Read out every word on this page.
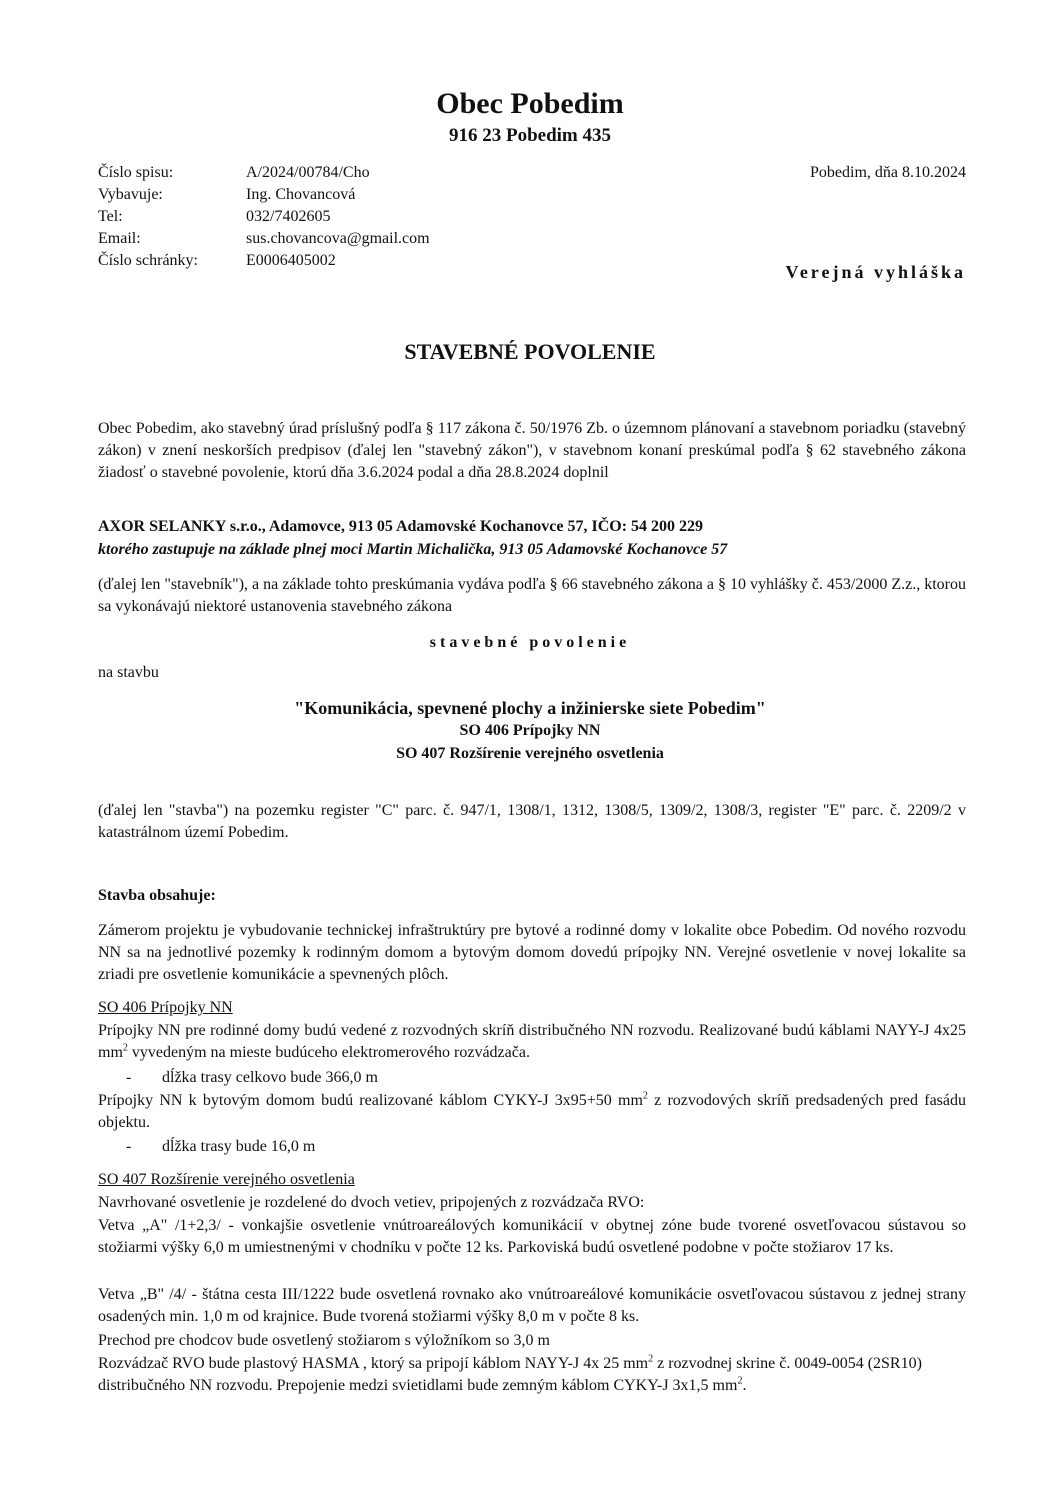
Obec Pobedim
916 23 Pobedim 435
Číslo spisu:
Vybavuje:
Tel:
Email:
Číslo schránky:
A/2024/00784/Cho
Ing. Chovancová
032/7402605
sus.chovancova@gmail.com
E0006405002
Pobedim, dňa 8.10.2024
Verejná vyhláška
STAVEBNÉ POVOLENIE
Obec Pobedim, ako stavebný úrad príslušný podľa § 117 zákona č. 50/1976 Zb. o územnom plánovaní a stavebnom poriadku (stavebný zákon) v znení neskorších predpisov (ďalej len "stavebný zákon"), v stavebnom konaní preskúmal podľa § 62 stavebného zákona žiadosť o stavebné povolenie, ktorú dňa 3.6.2024 podal a dňa 28.8.2024 doplnil
AXOR SELANKY s.r.o., Adamovce, 913 05 Adamovské Kochanovce 57, IČO: 54 200 229
ktorého zastupuje na základe plnej moci Martin Michalička, 913 05 Adamovské Kochanovce 57
(ďalej len "stavebník"), a na základe tohto preskúmania vydáva podľa § 66 stavebného zákona a § 10 vyhlášky č. 453/2000 Z.z., ktorou sa vykonávajú niektoré ustanovenia stavebného zákona
stavebné povolenie
na stavbu
"Komunikácia, spevnené plochy a inžinierske siete Pobedim"
SO 406 Prípojky NN
SO 407 Rozšírenie verejného osvetlenia
(ďalej len "stavba") na pozemku register "C" parc. č. 947/1, 1308/1, 1312, 1308/5, 1309/2, 1308/3, register "E" parc. č. 2209/2 v katastrálnom území Pobedim.
Stavba obsahuje:
Zámerom projektu je vybudovanie technickej infraštruktúry pre bytové a rodinné domy v lokalite obce Pobedim. Od nového rozvodu NN sa na jednotlivé pozemky k rodinným domom a bytovým domom dovedú prípojky NN. Verejné osvetlenie v novej lokalite sa zriadi pre osvetlenie komunikácie a spevnených plôch.
SO 406 Prípojky NN
Prípojky NN pre rodinné domy budú vedené z rozvodných skríň distribučného NN rozvodu. Realizované budú káblami NAYY-J 4x25 $mm^2$ vyvedeným na mieste budúceho elektromerového rozvádzača.
- dĺžka trasy celkovo bude 366,0 m
Prípojky NN k bytovým domom budú realizované káblom CYKY-J 3x95+50 $mm^2$ z rozvodových skríň predsadených pred fasádu objektu.
- dĺžka trasy bude 16,0 m
SO 407 Rozšírenie verejného osvetlenia
Navrhované osvetlenie je rozdelené do dvoch vetiev, pripojených z rozvádzača RVO:
Vetva „A" /1+2,3/ - vonkajšie osvetlenie vnútroareálových komunikácií v obytnej zóne bude tvorené osvetľovacou sústavou so stožiarmi výšky 6,0 m umiestnenými v chodníku v počte 12 ks. Parkoviská budú osvetlené podobne v počte stožiarov 17 ks.
Vetva „B" /4/ - štátna cesta III/1222 bude osvetlená rovnako ako vnútroareálové komunikácie osvetľovacou sústavou z jednej strany osadených min. 1,0 m od krajnice. Bude tvorená stožiarmi výšky 8,0 m v počte 8 ks.
Prechod pre chodcov bude osvetlený stožiarom s výložníkom so 3,0 m
Rozvádzač RVO bude plastový HASMA , ktorý sa pripojí káblom NAYY-J 4x 25 $mm^2$ z rozvodnej skrine č. 0049-0054 (2SR10) distribučného NN rozvodu. Prepojenie medzi svietidlami bude zemným káblom CYKY-J 3x1,5 $mm^2$.
